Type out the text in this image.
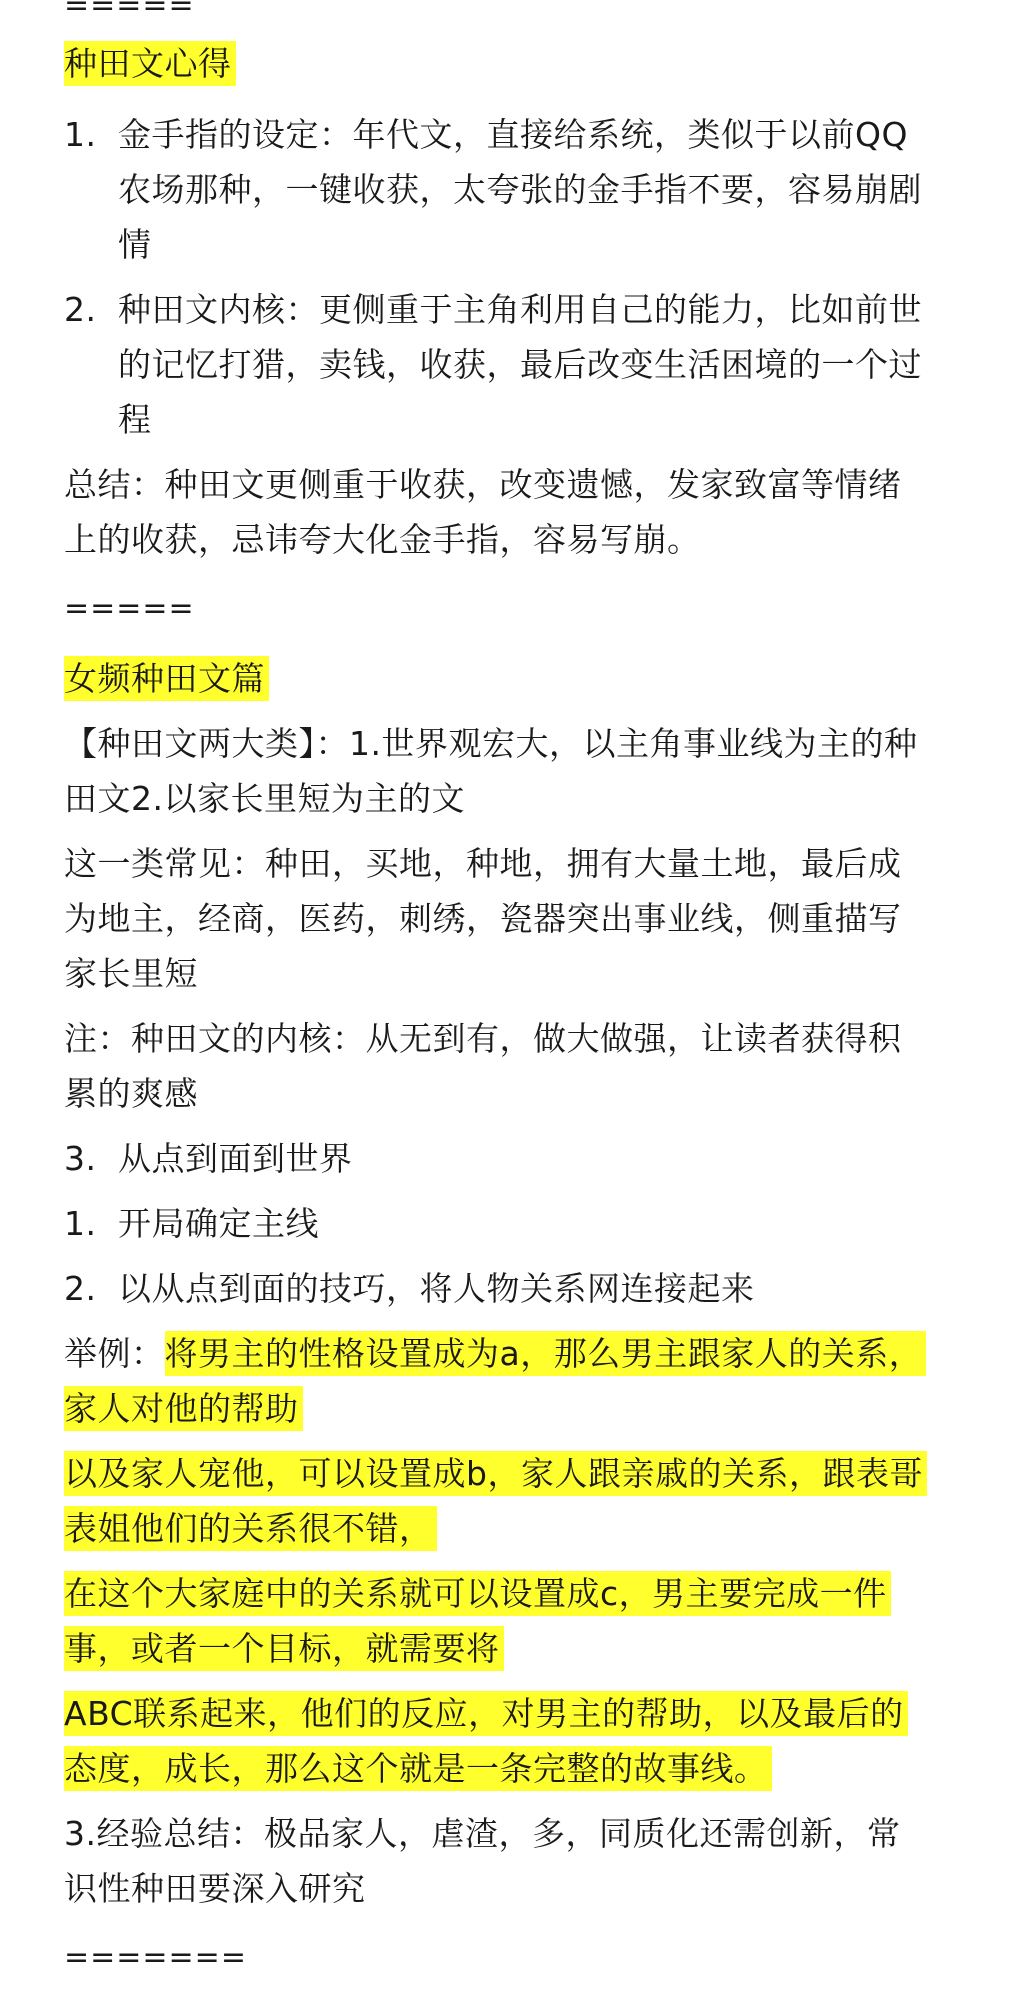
=====
种田文心得
1. 金手指的设定：年代文，直接给系统，类似于以前QQ
农场那种，一键收获，太夸张的金手指不要，容易崩剧
情
2. 种田文内核：更侧重于主角利用自己的能力，比如前世
的记忆打猎，卖钱，收获，最后改变生活困境的一个过
程
总结：种田文更侧重于收获，改变遗憾，发家致富等情绪
上的收获，忌讳夸大化金手指，容易写崩。
=====
女频种田文篇
【种田文两大类】：1.世界观宏大，以主角事业线为主的种
田文2.以家长里短为主的文
这一类常见：种田，买地，种地，拥有大量土地，最后成
为地主，经商，医药，刺绣，瓷器突出事业线，侧重描写
家长里短
注：种田文的内核：从无到有，做大做强，让读者获得积
累的爽感
3. 从点到面到世界
1. 开局确定主线
2. 以从点到面的技巧，将人物关系网连接起来
举例：将男主的性格设置成为a，那么男主跟家人的关系，
家人对他的帮助
以及家人宠他，可以设置成b，家人跟亲戚的关系，跟表哥
表姐他们的关系很不错，
在这个大家庭中的关系就可以设置成c，男主要完成一件
事，或者一个目标，就需要将
ABC联系起来，他们的反应，对男主的帮助，以及最后的
态度，成长，那么这个就是一条完整的故事线。
3.经验总结：极品家人，虐渣，多，同质化还需创新，常
识性种田要深入研究
=======
